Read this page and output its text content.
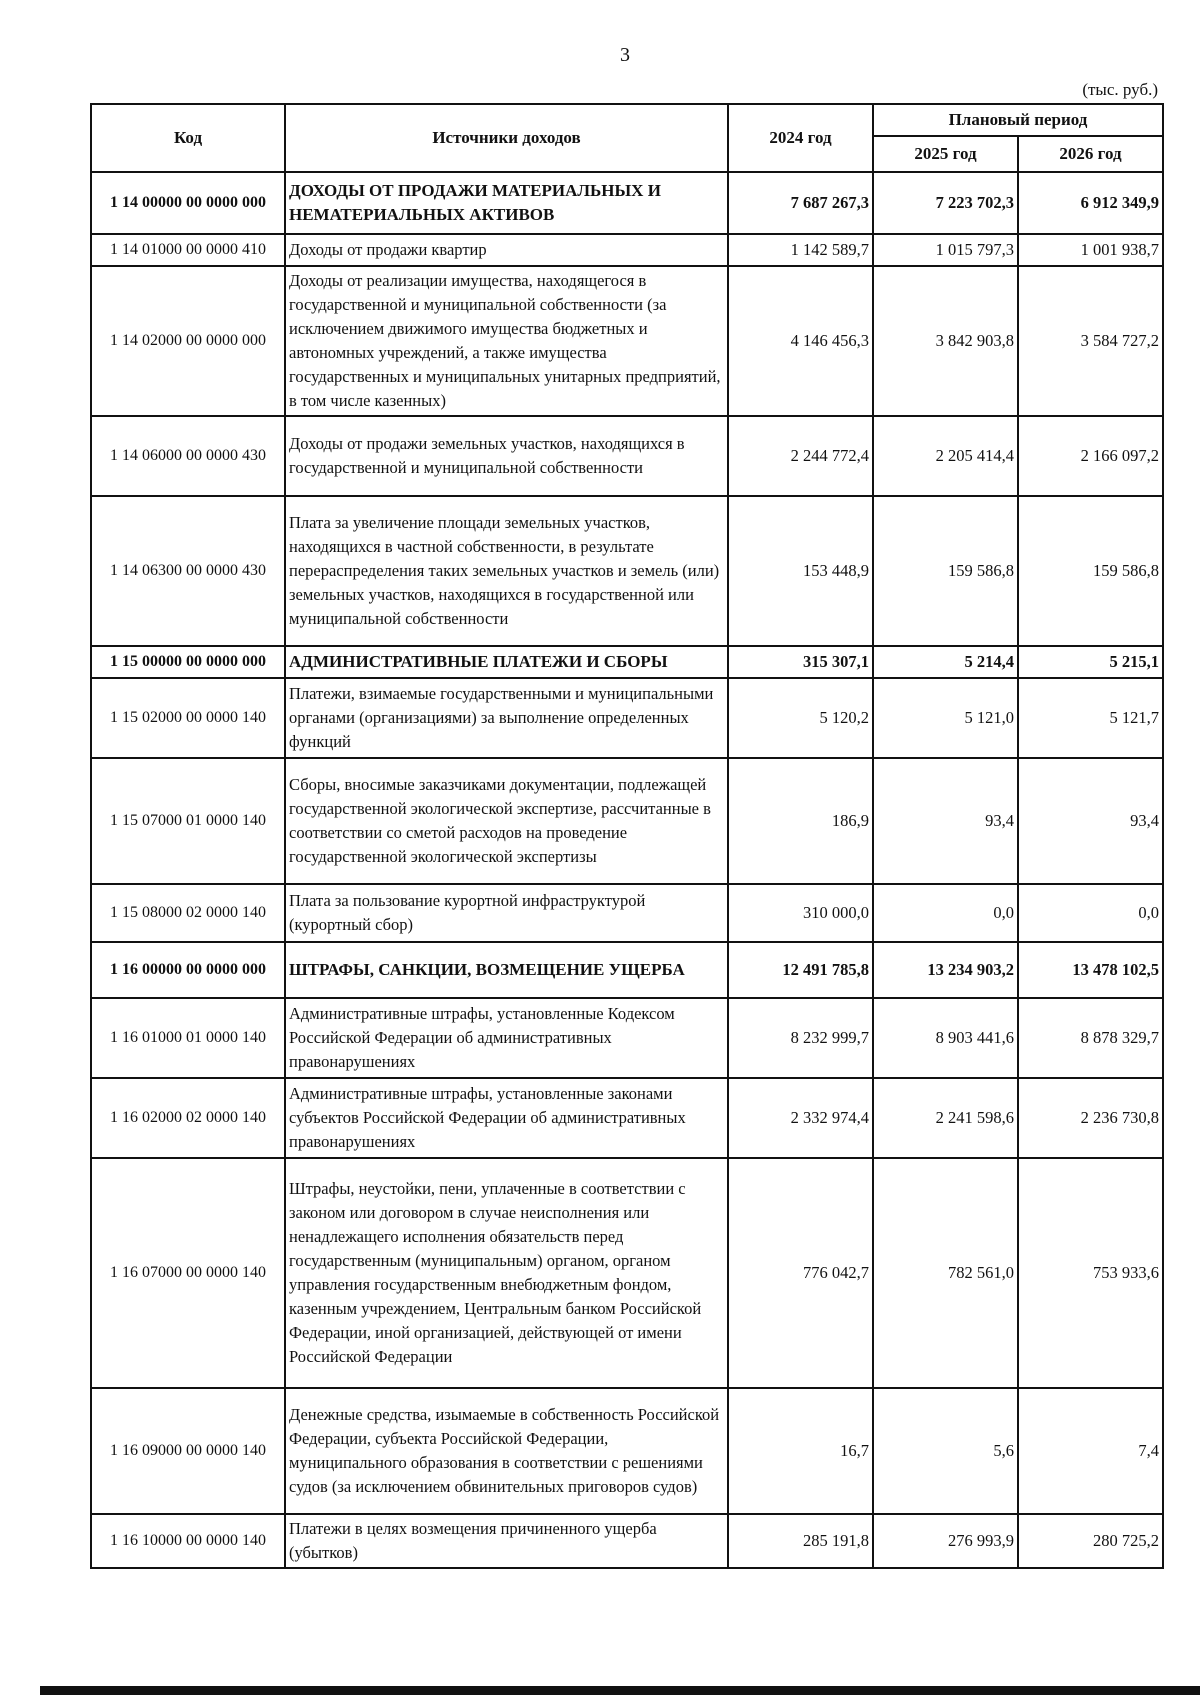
3
(тыс. руб.)
Код	Источники доходов	2024 год	Плановый период	
			2025 год	2026 год
1 14 00000 00 0000 000	ДОХОДЫ ОТ ПРОДАЖИ МАТЕРИАЛЬНЫХ И НЕМАТЕРИАЛЬНЫХ АКТИВОВ	7 687 267,3	7 223 702,3	6 912 349,9
1 14 01000 00 0000 410	Доходы от продажи квартир	1 142 589,7	1 015 797,3	1 001 938,7
1 14 02000 00 0000 000	Доходы от реализации имущества, находящегося в государственной и муниципальной собственности (за исключением движимого имущества бюджетных и автономных учреждений, а также имущества государственных и муниципальных унитарных предприятий, в том числе казенных)	4 146 456,3	3 842 903,8	3 584 727,2
1 14 06000 00 0000 430	Доходы от продажи земельных участков, находящихся в государственной и муниципальной собственности	2 244 772,4	2 205 414,4	2 166 097,2
1 14 06300 00 0000 430	Плата за увеличение площади земельных участков, находящихся в частной собственности, в результате перераспределения таких земельных участков и земель (или) земельных участков, находящихся в государственной или муниципальной собственности	153 448,9	159 586,8	159 586,8
1 15 00000 00 0000 000	АДМИНИСТРАТИВНЫЕ ПЛАТЕЖИ И СБОРЫ	315 307,1	5 214,4	5 215,1
1 15 02000 00 0000 140	Платежи, взимаемые государственными и муниципальными органами (организациями) за выполнение определенных функций	5 120,2	5 121,0	5 121,7
1 15 07000 01 0000 140	Сборы, вносимые заказчиками документации, подлежащей государственной экологической экспертизе, рассчитанные в соответствии со сметой расходов на проведение государственной экологической экспертизы	186,9	93,4	93,4
1 15 08000 02 0000 140	Плата за пользование курортной инфраструктурой (курортный сбор)	310 000,0	0,0	0,0
1 16 00000 00 0000 000	ШТРАФЫ, САНКЦИИ, ВОЗМЕЩЕНИЕ УЩЕРБА	12 491 785,8	13 234 903,2	13 478 102,5
1 16 01000 01 0000 140	Административные штрафы, установленные Кодексом Российской Федерации об административных правонарушениях	8 232 999,7	8 903 441,6	8 878 329,7
1 16 02000 02 0000 140	Административные штрафы, установленные законами субъектов Российской Федерации об административных правонарушениях	2 332 974,4	2 241 598,6	2 236 730,8
1 16 07000 00 0000 140	Штрафы, неустойки, пени, уплаченные в соответствии с законом или договором в случае неисполнения или ненадлежащего исполнения обязательств перед государственным (муниципальным) органом, органом управления государственным внебюджетным фондом, казенным учреждением, Центральным банком Российской Федерации, иной организацией, действующей от имени Российской Федерации	776 042,7	782 561,0	753 933,6
1 16 09000 00 0000 140	Денежные средства, изымаемые в собственность Российской Федерации, субъекта Российской Федерации, муниципального образования в соответствии с решениями судов (за исключением обвинительных приговоров судов)	16,7	5,6	7,4
1 16 10000 00 0000 140	Платежи в целях возмещения причиненного ущерба (убытков)	285 191,8	276 993,9	280 725,2
